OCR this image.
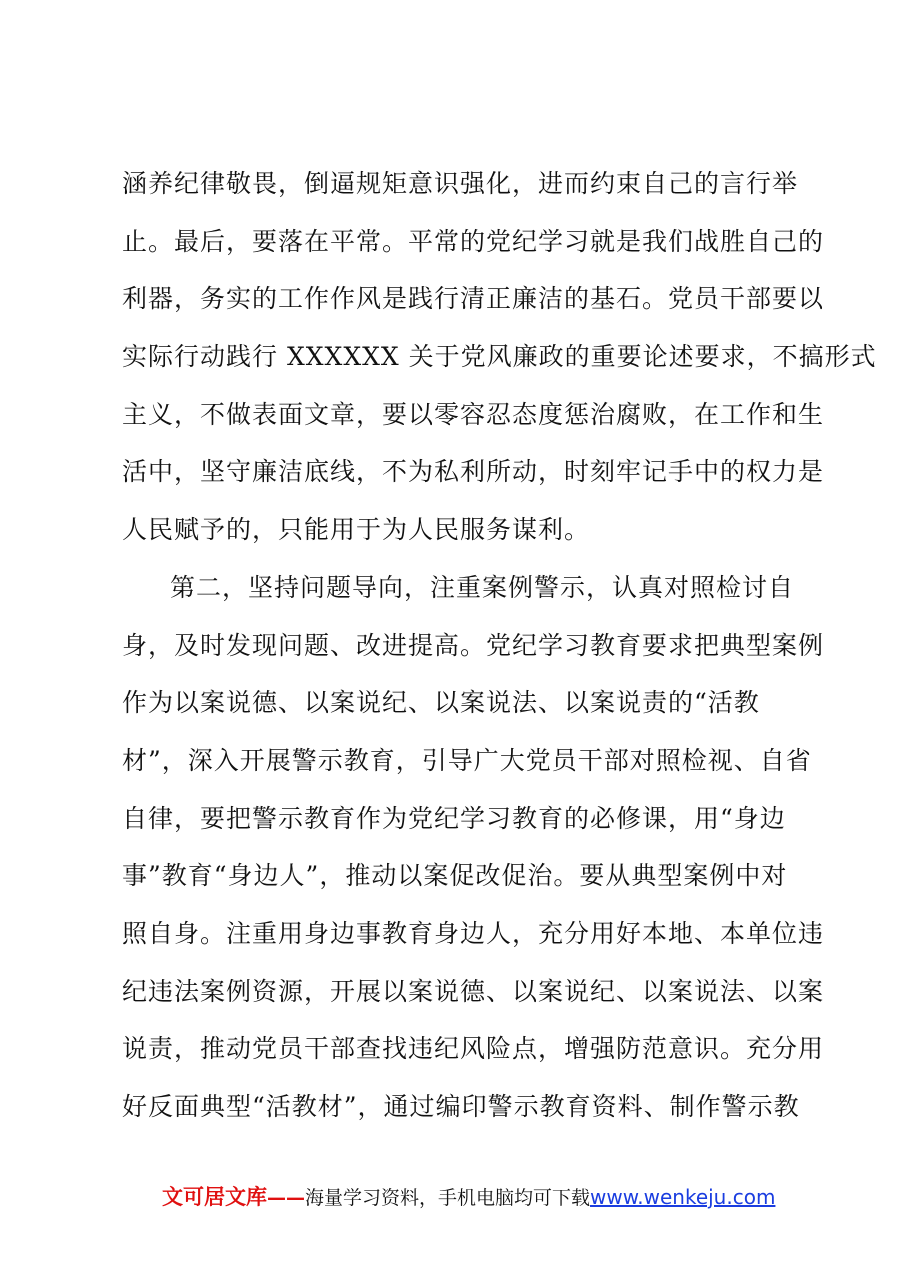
涵养纪律敬畏，倒逼规矩意识强化，进而约束自己的言行举
止。最后，要落在平常。平常的党纪学习就是我们战胜自己的
利器，务实的工作作风是践行清正廉洁的基石。党员干部要以
实际行动践行 XXXXXX 关于党风廉政的重要论述要求，不搞形式
主义，不做表面文章，要以零容忍态度惩治腐败，在工作和生
活中，坚守廉洁底线，不为私利所动，时刻牢记手中的权力是
人民赋予的，只能用于为人民服务谋利。
第二，坚持问题导向，注重案例警示，认真对照检讨自
身，及时发现问题、改进提高。党纪学习教育要求把典型案例
作为以案说德、以案说纪、以案说法、以案说责的“活教
材”，深入开展警示教育，引导广大党员干部对照检视、自省
自律，要把警示教育作为党纪学习教育的必修课，用“身边
事”教育“身边人”，推动以案促改促治。要从典型案例中对
照自身。注重用身边事教育身边人，充分用好本地、本单位违
纪违法案例资源，开展以案说德、以案说纪、以案说法、以案
说责，推动党员干部查找违纪风险点，增强防范意识。充分用
好反面典型“活教材”，通过编印警示教育资料、制作警示教
文可居文库——海量学习资料，手机电脑均可下载www.wenkeju.com
